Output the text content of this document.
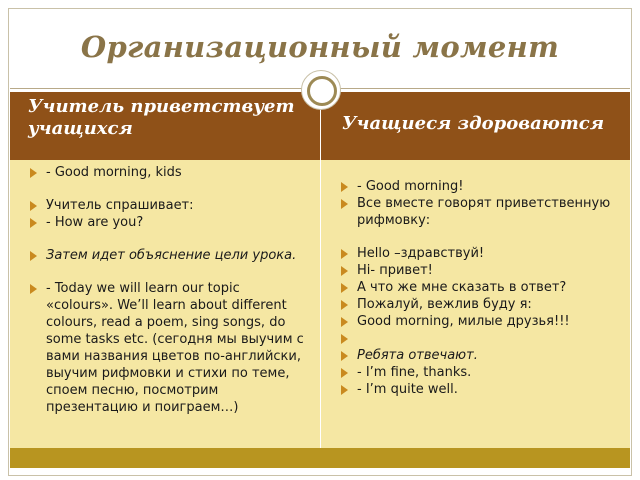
Организационный момент
Учитель приветствует учащихся	Учащиеся здороваются
- Good morning, kids
Учитель спрашивает:
- How are you?
Затем идет объяснение цели урока.
- Today we will learn our topic «colours». We’ll learn about different colours, read a poem, sing songs, do some tasks etc. (сегодня мы выучим с вами названия цветов по-английски, выучим рифмовки и стихи по теме, споем песню, посмотрим презентацию и поиграем…)
- Good morning!
Все вместе говорят приветственную рифмовку:
Hello –здравствуй!
Hi- привет!
А что же мне сказать в ответ?
Пожалуй, вежлив буду я:
Good morning, милые друзья!!!

Ребята отвечают.
- I’m fine, thanks.
- I’m quite well.
